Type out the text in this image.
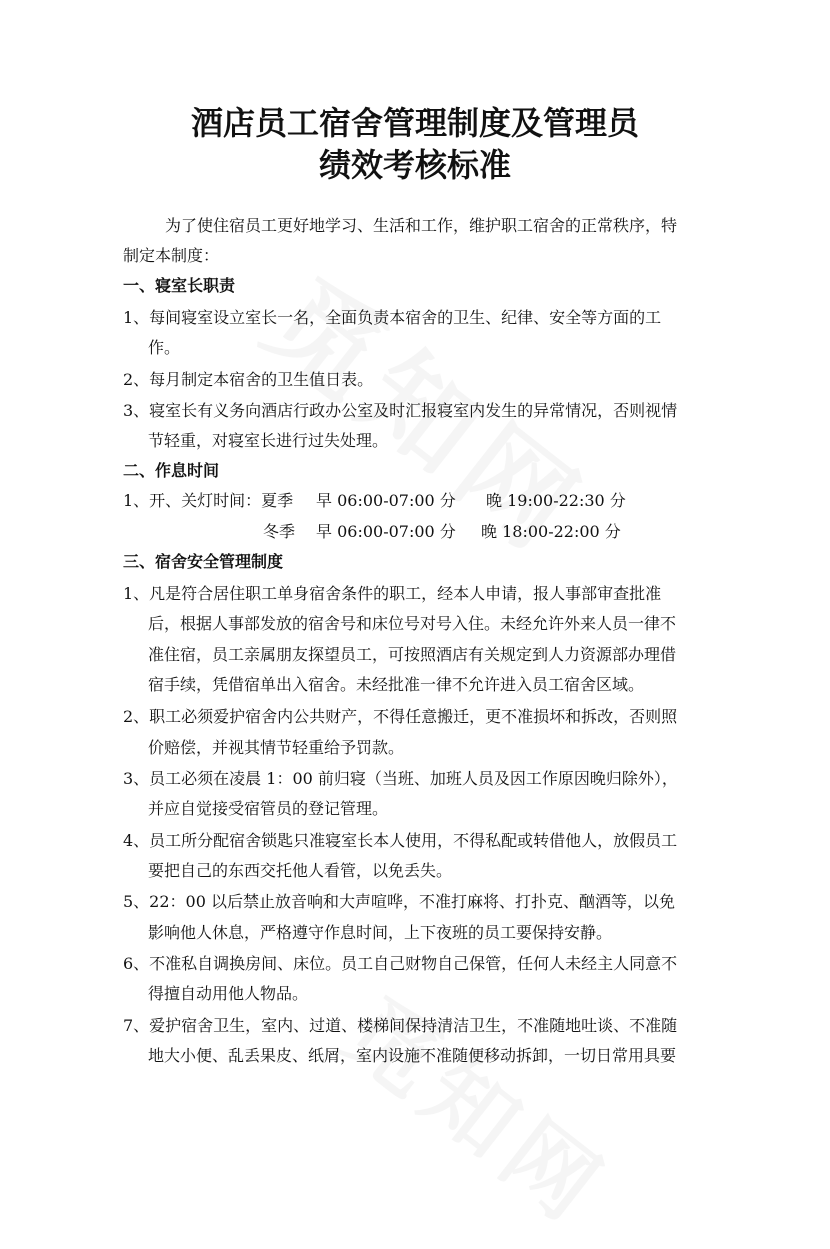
酒店员工宿舍管理制度及管理员
绩效考核标准
为了使住宿员工更好地学习、生活和工作，维护职工宿舍的正常秩序，特
制定本制度：
一、寝室长职责
1、每间寝室设立室长一名，全面负责本宿舍的卫生、纪律、安全等方面的工
作。
2、每月制定本宿舍的卫生值日表。
3、寝室长有义务向酒店行政办公室及时汇报寝室内发生的异常情况，否则视情
节轻重，对寝室长进行过失处理。
二、作息时间
1、开、关灯时间：夏季 早 06:00-07:00 分 晚 19:00-22:30 分
冬季 早 06:00-07:00 分 晚 18:00-22:00 分
三、宿舍安全管理制度
1、凡是符合居住职工单身宿舍条件的职工，经本人申请，报人事部审查批准
后，根据人事部发放的宿舍号和床位号对号入住。未经允许外来人员一律不
准住宿，员工亲属朋友探望员工，可按照酒店有关规定到人力资源部办理借
宿手续，凭借宿单出入宿舍。未经批准一律不允许进入员工宿舍区域。
2、职工必须爱护宿舍内公共财产，不得任意搬迁，更不准损坏和拆改，否则照
价赔偿，并视其情节轻重给予罚款。
3、员工必须在凌晨 1：00 前归寝（当班、加班人员及因工作原因晚归除外），
并应自觉接受宿管员的登记管理。
4、员工所分配宿舍锁匙只准寝室长本人使用，不得私配或转借他人，放假员工
要把自己的东西交托他人看管，以免丢失。
5、22：00 以后禁止放音响和大声喧哗，不准打麻将、打扑克、酗酒等，以免
影响他人休息，严格遵守作息时间，上下夜班的员工要保持安静。
6、不准私自调换房间、床位。员工自己财物自己保管，任何人未经主人同意不
得擅自动用他人物品。
7、爱护宿舍卫生，室内、过道、楼梯间保持清洁卫生，不准随地吐谈、不准随
地大小便、乱丢果皮、纸屑，室内设施不准随便移动拆卸，一切日常用具要
